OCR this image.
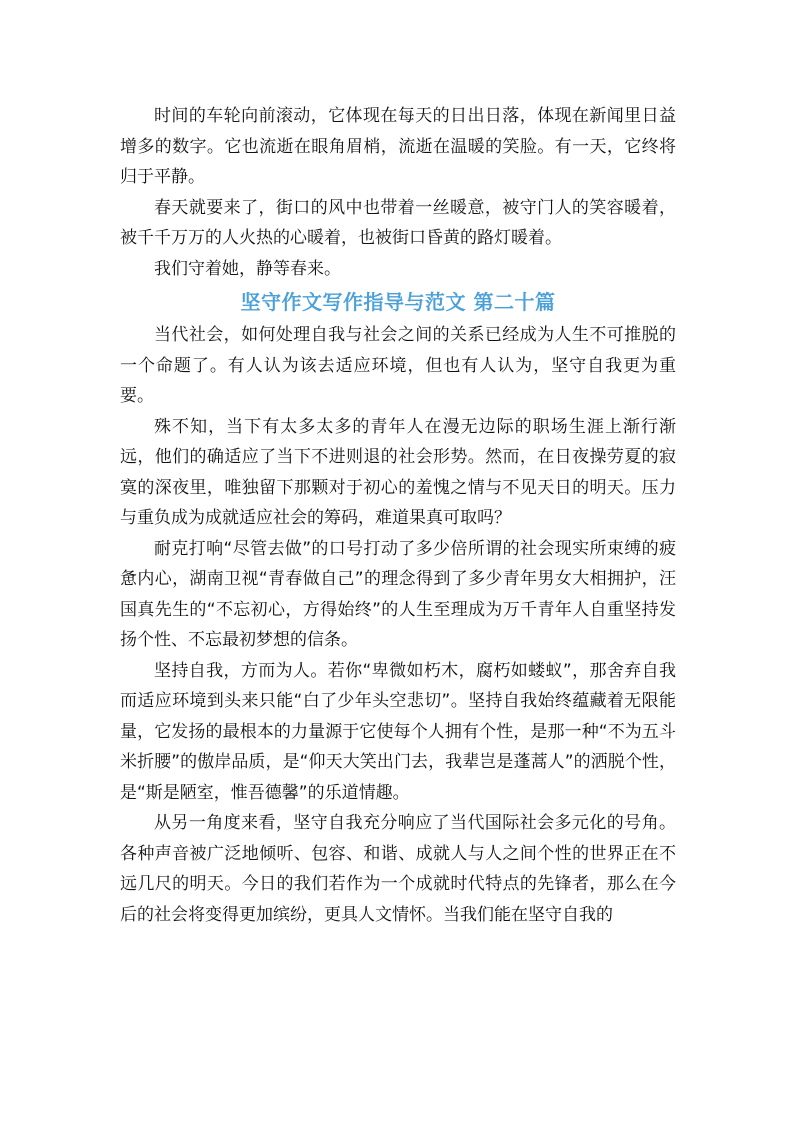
时间的车轮向前滚动，它体现在每天的日出日落，体现在新闻里日益增多的数字。它也流逝在眼角眉梢，流逝在温暖的笑脸。有一天，它终将归于平静。

春天就要来了，街口的风中也带着一丝暖意，被守门人的笑容暖着，被千千万万的人火热的心暖着，也被街口昏黄的路灯暖着。

我们守着她，静等春来。

坚守作文写作指导与范文 第二十篇

当代社会，如何处理自我与社会之间的关系已经成为人生不可推脱的一个命题了。有人认为该去适应环境，但也有人认为，坚守自我更为重要。

殊不知，当下有太多太多的青年人在漫无边际的职场生涯上渐行渐远，他们的确适应了当下不进则退的社会形势。然而，在日夜操劳夏的寂寞的深夜里，唯独留下那颗对于初心的羞愧之情与不见天日的明天。压力与重负成为成就适应社会的筹码，难道果真可取吗？

耐克打响“尽管去做”的口号打动了多少倍所谓的社会现实所束缚的疲惫内心，湖南卫视“青春做自己”的理念得到了多少青年男女大相拥护，汪国真先生的“不忘初心，方得始终”的人生至理成为万千青年人自重坚持发扬个性、不忘最初梦想的信条。

坚持自我，方而为人。若你“卑微如朽木，腐朽如蝼蚁”，那舍弃自我而适应环境到头来只能“白了少年头空悲切”。坚持自我始终蕴藏着无限能量，它发扬的最根本的力量源于它使每个人拥有个性，是那一种“不为五斗米折腰”的傲岸品质，是“仰天大笑出门去，我辈岂是蓬蒿人”的洒脱个性，是“斯是陋室，惟吾德馨”的乐道情趣。

从另一角度来看，坚守自我充分响应了当代国际社会多元化的号角。各种声音被广泛地倾听、包容、和谐、成就人与人之间个性的世界正在不远几尺的明天。今日的我们若作为一个成就时代特点的先锋者，那么在今后的社会将变得更加缤纷，更具人文情怀。当我们能在坚守自我的
